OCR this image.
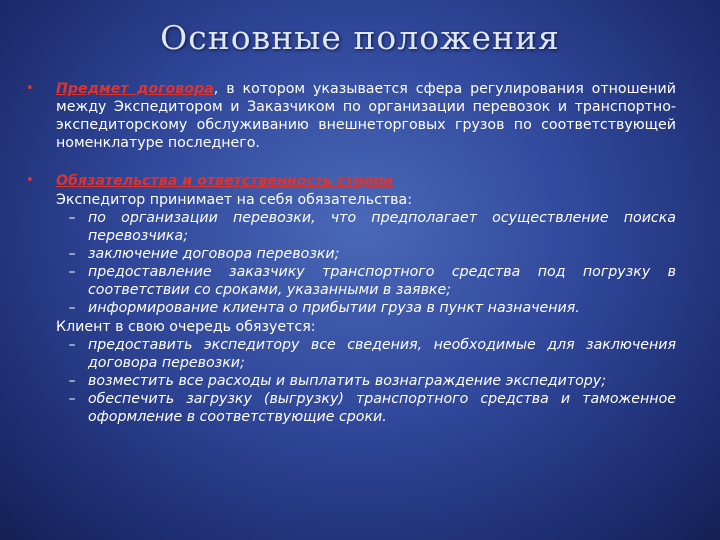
Основные положения
•	Предмет договора, в котором указывается сфера регулирования отношений между Экспедитором и Заказчиком по организации перевозок и транспортно-экспедиторскому обслуживанию внешнеторговых грузов по соответствующей номенклатуре последнего.
•	Обязательства и ответственность сторон
Экспедитор принимает на себя обязательства:
– по организации перевозки, что предполагает осуществление поиска перевозчика;
– заключение договора перевозки;
– предоставление заказчику транспортного средства под погрузку в соответствии со сроками, указанными в заявке;
– информирование клиента о прибытии груза в пункт назначения.
Клиент в свою очередь обязуется:
– предоставить экспедитору все сведения, необходимые для заключения договора перевозки;
– возместить все расходы и выплатить вознаграждение экспедитору;
– обеспечить загрузку (выгрузку) транспортного средства и таможенное оформление в соответствующие сроки.
